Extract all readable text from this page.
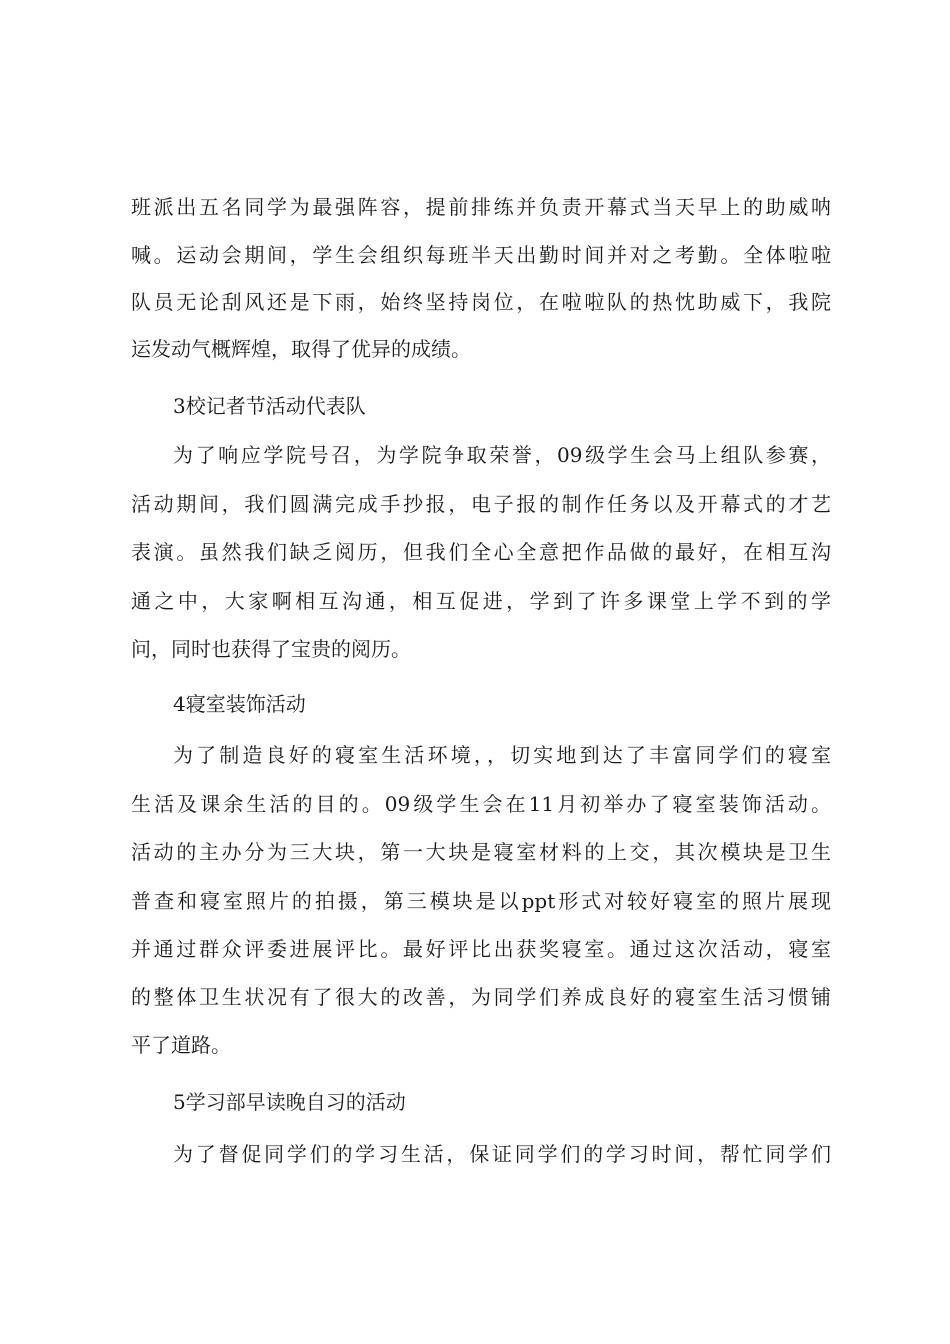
班派出五名同学为最强阵容，提前排练并负责开幕式当天早上的助威呐
喊。运动会期间，学生会组织每班半天出勤时间并对之考勤。全体啦啦
队员无论刮风还是下雨，始终坚持岗位，在啦啦队的热忱助威下，我院
运发动气概辉煌，取得了优异的成绩。
3校记者节活动代表队
为了响应学院号召，为学院争取荣誉，09级学生会马上组队参赛，
活动期间，我们圆满完成手抄报，电子报的制作任务以及开幕式的才艺
表演。虽然我们缺乏阅历，但我们全心全意把作品做的最好，在相互沟
通之中，大家啊相互沟通，相互促进，学到了许多课堂上学不到的学
问，同时也获得了宝贵的阅历。
4寝室装饰活动
为了制造良好的寝室生活环境，，切实地到达了丰富同学们的寝室
生活及课余生活的目的。09级学生会在11月初举办了寝室装饰活动。
活动的主办分为三大块，第一大块是寝室材料的上交，其次模块是卫生
普查和寝室照片的拍摄，第三模块是以ppt形式对较好寝室的照片展现
并通过群众评委进展评比。最好评比出获奖寝室。通过这次活动，寝室
的整体卫生状况有了很大的改善，为同学们养成良好的寝室生活习惯铺
平了道路。
5学习部早读晚自习的活动
为了督促同学们的学习生活，保证同学们的学习时间，帮忙同学们
